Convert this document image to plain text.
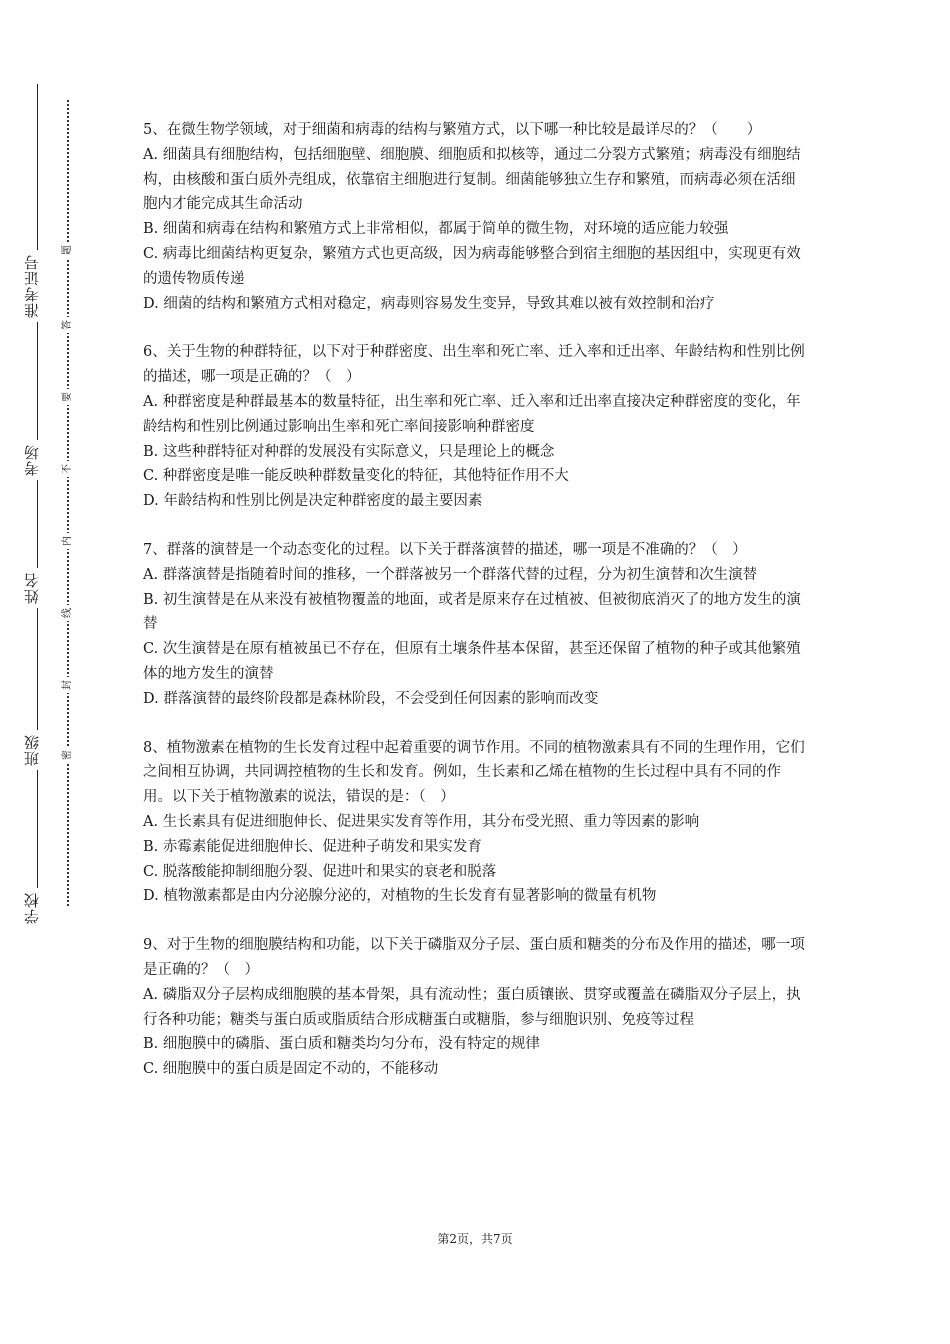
准考证号
考场
姓名
班级
学校
题
答
要
不
内
线
封
密

5、在微生物学领域，对于细菌和病毒的结构与繁殖方式，以下哪一种比较是最详尽的？（　　）

A. 细菌具有细胞结构，包括细胞壁、细胞膜、细胞质和拟核等，通过二分裂方式繁殖；病毒没有细胞结构，由核酸和蛋白质外壳组成，依靠宿主细胞进行复制。细菌能够独立生存和繁殖，而病毒必须在活细胞内才能完成其生命活动

B. 细菌和病毒在结构和繁殖方式上非常相似，都属于简单的微生物，对环境的适应能力较强

C. 病毒比细菌结构更复杂，繁殖方式也更高级，因为病毒能够整合到宿主细胞的基因组中，实现更有效的遗传物质传递

D. 细菌的结构和繁殖方式相对稳定，病毒则容易发生变异，导致其难以被有效控制和治疗

6、关于生物的种群特征，以下对于种群密度、出生率和死亡率、迁入率和迁出率、年龄结构和性别比例的描述，哪一项是正确的？（　）

A. 种群密度是种群最基本的数量特征，出生率和死亡率、迁入率和迁出率直接决定种群密度的变化，年龄结构和性别比例通过影响出生率和死亡率间接影响种群密度

B. 这些种群特征对种群的发展没有实际意义，只是理论上的概念

C. 种群密度是唯一能反映种群数量变化的特征，其他特征作用不大

D. 年龄结构和性别比例是决定种群密度的最主要因素

7、群落的演替是一个动态变化的过程。以下关于群落演替的描述，哪一项是不准确的？（　）

A. 群落演替是指随着时间的推移，一个群落被另一个群落代替的过程，分为初生演替和次生演替

B. 初生演替是在从来没有被植物覆盖的地面，或者是原来存在过植被、但被彻底消灭了的地方发生的演替

C. 次生演替是在原有植被虽已不存在，但原有土壤条件基本保留，甚至还保留了植物的种子或其他繁殖体的地方发生的演替

D. 群落演替的最终阶段都是森林阶段，不会受到任何因素的影响而改变

8、植物激素在植物的生长发育过程中起着重要的调节作用。不同的植物激素具有不同的生理作用，它们之间相互协调，共同调控植物的生长和发育。例如，生长素和乙烯在植物的生长过程中具有不同的作用。以下关于植物激素的说法，错误的是：（　）

A. 生长素具有促进细胞伸长、促进果实发育等作用，其分布受光照、重力等因素的影响

B. 赤霉素能促进细胞伸长、促进种子萌发和果实发育

C. 脱落酸能抑制细胞分裂、促进叶和果实的衰老和脱落

D. 植物激素都是由内分泌腺分泌的，对植物的生长发育有显著影响的微量有机物

9、对于生物的细胞膜结构和功能，以下关于磷脂双分子层、蛋白质和糖类的分布及作用的描述，哪一项是正确的？（　）

A. 磷脂双分子层构成细胞膜的基本骨架，具有流动性；蛋白质镶嵌、贯穿或覆盖在磷脂双分子层上，执行各种功能；糖类与蛋白质或脂质结合形成糖蛋白或糖脂，参与细胞识别、免疫等过程

B. 细胞膜中的磷脂、蛋白质和糖类均匀分布，没有特定的规律

C. 细胞膜中的蛋白质是固定不动的，不能移动

第2页，共7页
